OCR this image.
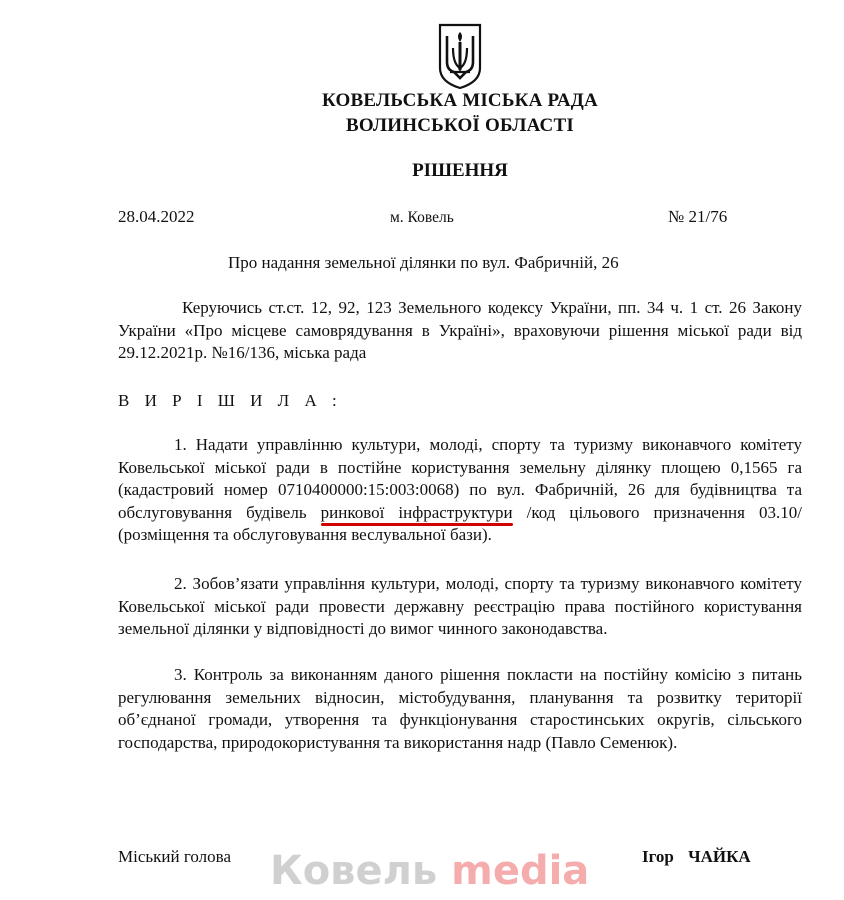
КОВЕЛЬСЬКА МІСЬКА РАДА
ВОЛИНСЬКОЇ ОБЛАСТІ
РІШЕННЯ
28.04.2022	м. Ковель	№ 21/76
Про надання земельної ділянки по вул. Фабричній, 26
Керуючись ст.ст. 12, 92, 123 Земельного кодексу України, пп. 34 ч. 1 ст. 26 Закону України «Про місцеве самоврядування в Україні», враховуючи рішення міської ради від 29.12.2021р. №16/136, міська рада
В И Р І Ш И Л А :
1. Надати управлінню культури, молоді, спорту та туризму виконавчого комітету Ковельської міської ради в постійне користування земельну ділянку площею 0,1565 га (кадастровий номер 0710400000:15:003:0068) по вул. Фабричній, 26 для будівництва та обслуговування будівель ринкової інфраструктури /код цільового призначення 03.10/ (розміщення та обслуговування веслувальної бази).
2. Зобов’язати управління культури, молоді, спорту та туризму виконавчого комітету Ковельської міської ради провести державну реєстрацію права постійного користування земельної ділянки у відповідності до вимог чинного законодавства.
3. Контроль за виконанням даного рішення покласти на постійну комісію з питань регулювання земельних відносин, містобудування, планування та розвитку території об’єднаної громади, утворення та функціонування старостинських округів, сільського господарства, природокористування та використання надр (Павло Семенюк).
Міський голова Ковель media	Ігор ЧАЙКА
